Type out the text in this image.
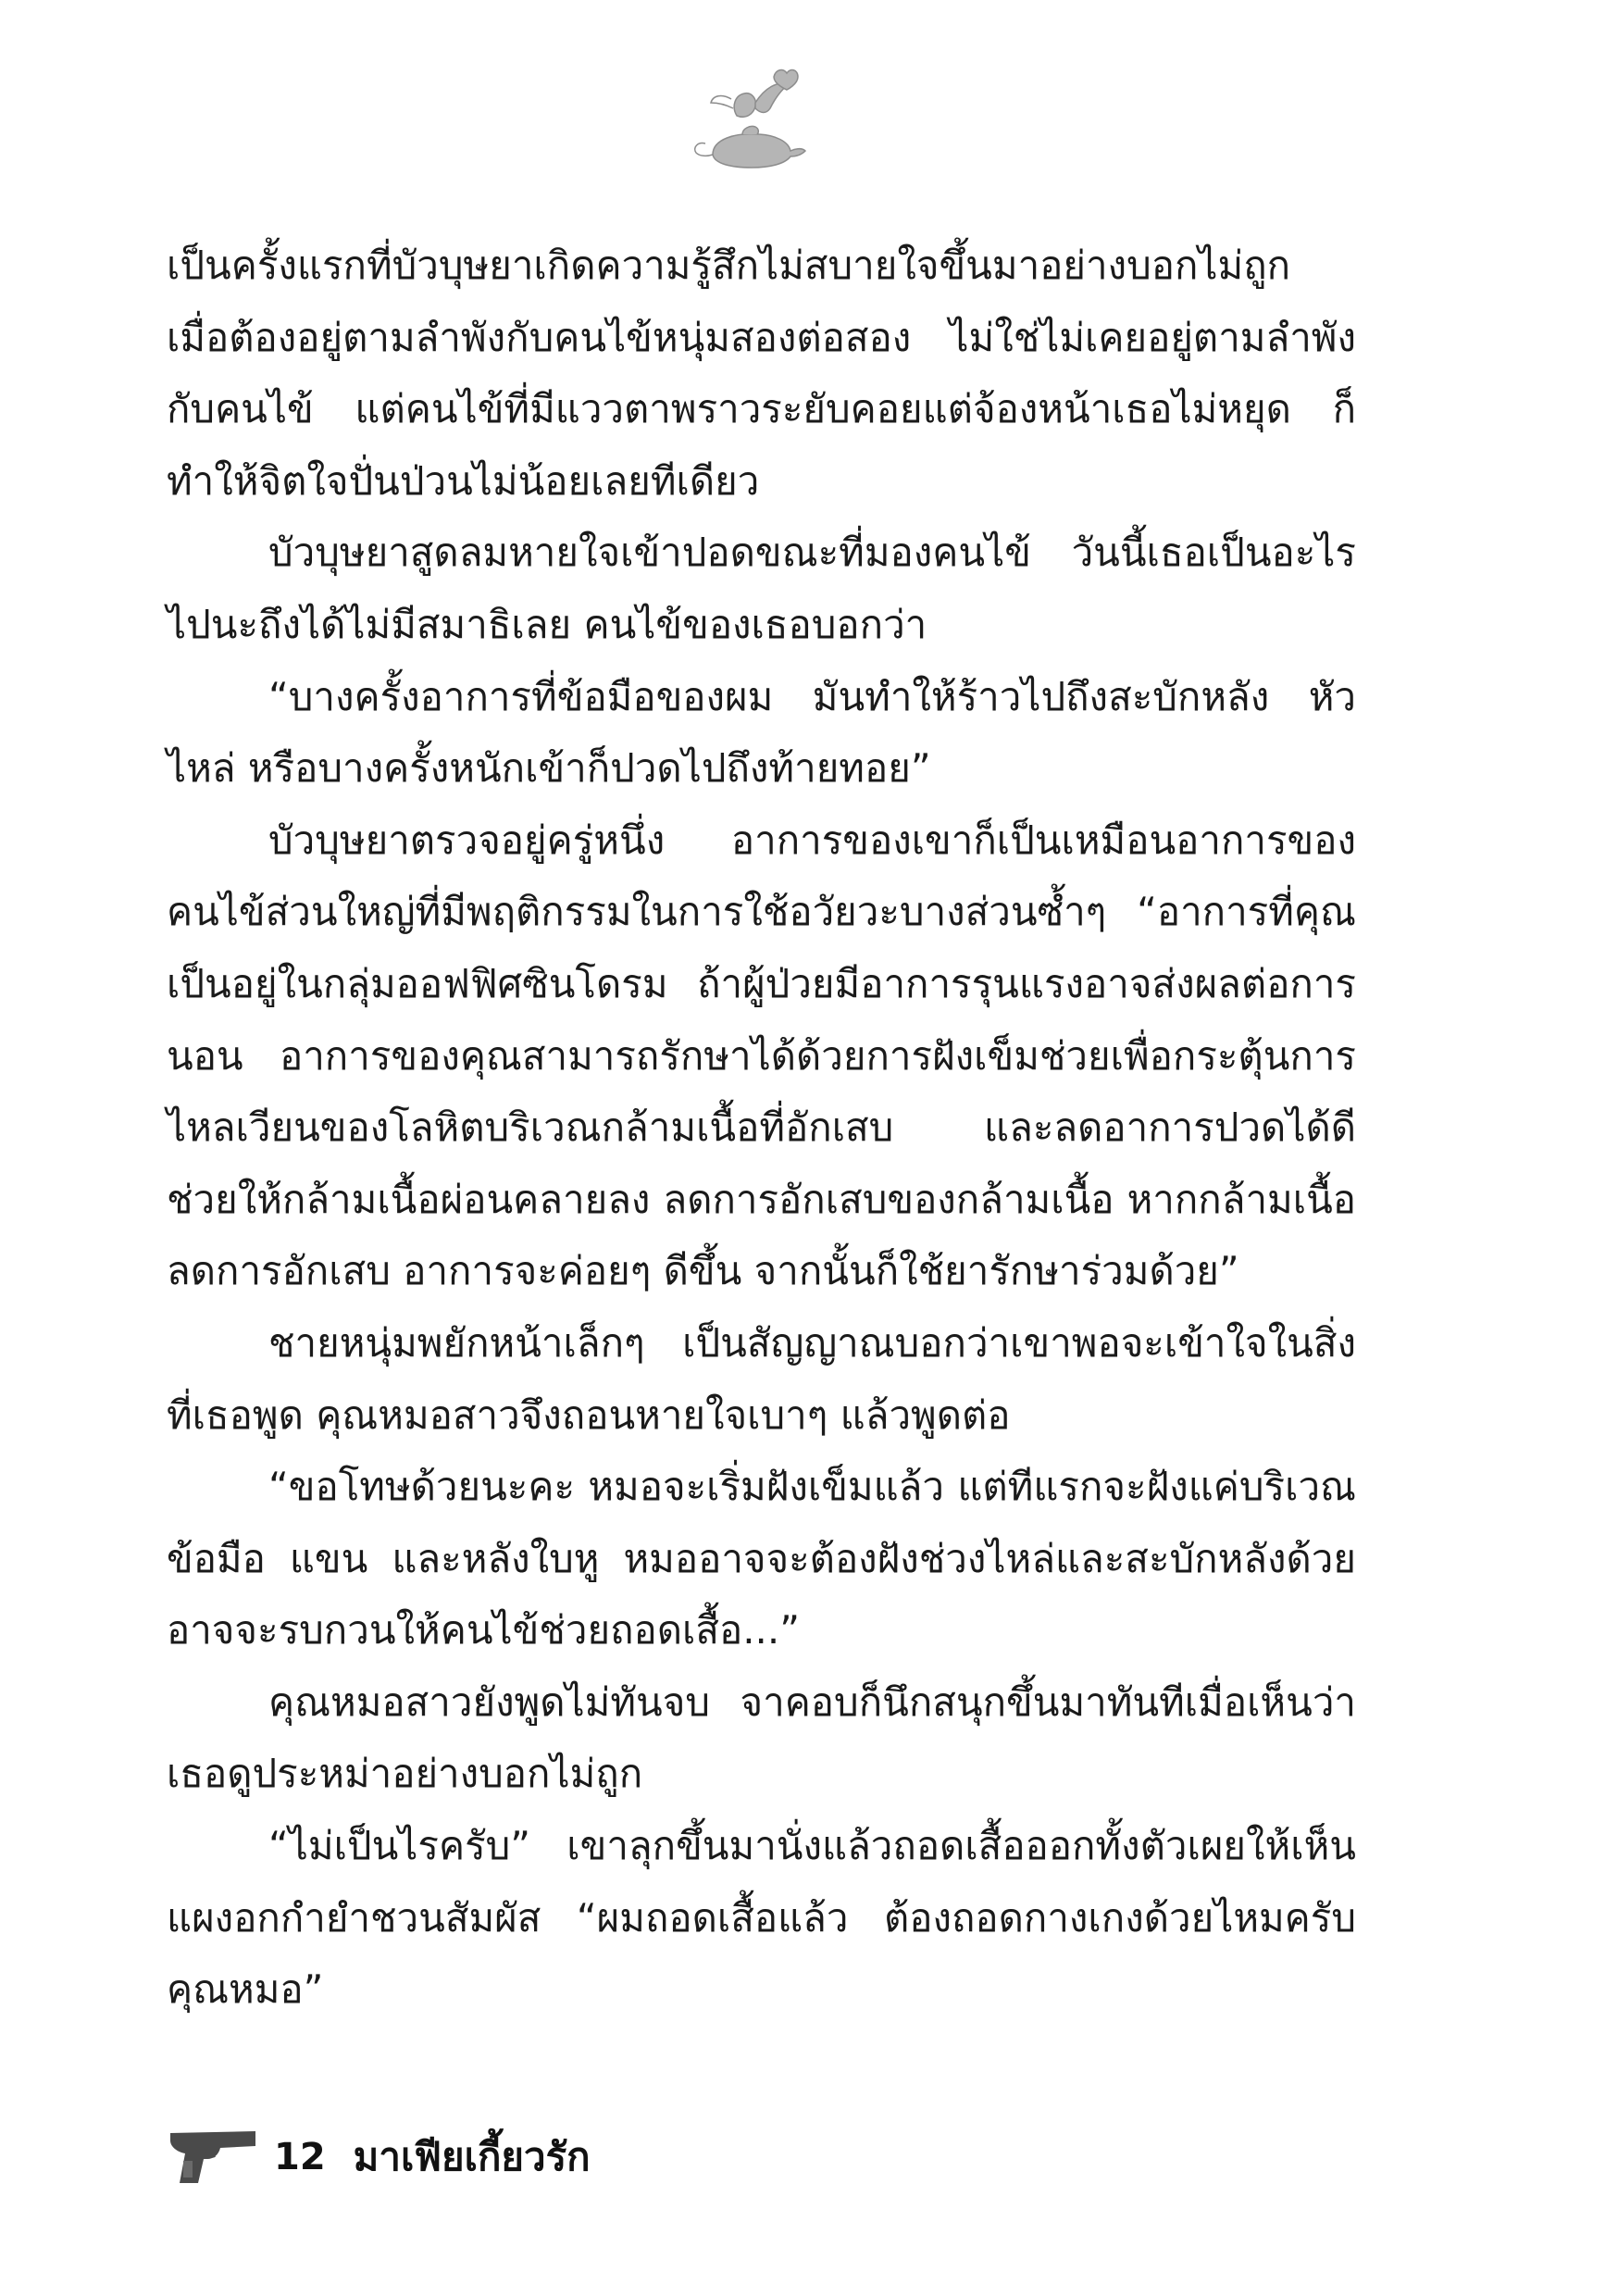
เป็นครั้งแรกที่บัวบุษยาเกิดความรู้สึกไม่สบายใจขึ้นมาอย่างบอกไม่ถูก เมื่อต้องอยู่ตามลำพังกับคนไข้หนุ่มสองต่อสอง ไม่ใช่ไม่เคยอยู่ตามลำพังกับคนไข้ แต่คนไข้ที่มีแววตาพราวระยับคอยแต่จ้องหน้าเธอไม่หยุด ก็ทำให้จิตใจปั่นป่วนไม่น้อยเลยทีเดียว

บัวบุษยาสูดลมหายใจเข้าปอดขณะที่มองคนไข้ วันนี้เธอเป็นอะไรไปนะถึงได้ไม่มีสมาธิเลย คนไข้ของเธอบอกว่า

“บางครั้งอาการที่ข้อมือของผม มันทำให้ร้าวไปถึงสะบักหลัง หัวไหล่ หรือบางครั้งหนักเข้าก็ปวดไปถึงท้ายทอย”

บัวบุษยาตรวจอยู่ครู่หนึ่ง อาการของเขาก็เป็นเหมือนอาการของคนไข้ส่วนใหญ่ที่มีพฤติกรรมในการใช้อวัยวะบางส่วนซ้ำๆ “อาการที่คุณเป็นอยู่ในกลุ่มออฟฟิศซินโดรม ถ้าผู้ป่วยมีอาการรุนแรงอาจส่งผลต่อการนอน อาการของคุณสามารถรักษาได้ด้วยการฝังเข็มช่วยเพื่อกระตุ้นการไหลเวียนของโลหิตบริเวณกล้ามเนื้อที่อักเสบ และลดอาการปวดได้ดี ช่วยให้กล้ามเนื้อผ่อนคลายลง ลดการอักเสบของกล้ามเนื้อ หากกล้ามเนื้อลดการอักเสบ อาการจะค่อยๆ ดีขึ้น จากนั้นก็ใช้ยารักษาร่วมด้วย”

ชายหนุ่มพยักหน้าเล็กๆ เป็นสัญญาณบอกว่าเขาพอจะเข้าใจในสิ่งที่เธอพูด คุณหมอสาวจึงถอนหายใจเบาๆ แล้วพูดต่อ

“ขอโทษด้วยนะคะ หมอจะเริ่มฝังเข็มแล้ว แต่ทีแรกจะฝังแค่บริเวณข้อมือ แขน และหลังใบหู หมออาจจะต้องฝังช่วงไหล่และสะบักหลังด้วย อาจจะรบกวนให้คนไข้ช่วยถอดเสื้อ...”

คุณหมอสาวยังพูดไม่ทันจบ จาคอบก็นึกสนุกขึ้นมาทันทีเมื่อเห็นว่าเธอดูประหม่าอย่างบอกไม่ถูก

“ไม่เป็นไรครับ” เขาลุกขึ้นมานั่งแล้วถอดเสื้อออกทั้งตัวเผยให้เห็นแผงอกกำยำชวนสัมผัส “ผมถอดเสื้อแล้ว ต้องถอดกางเกงด้วยไหมครับคุณหมอ”

12 มาเฟียเกี้ยวรัก
